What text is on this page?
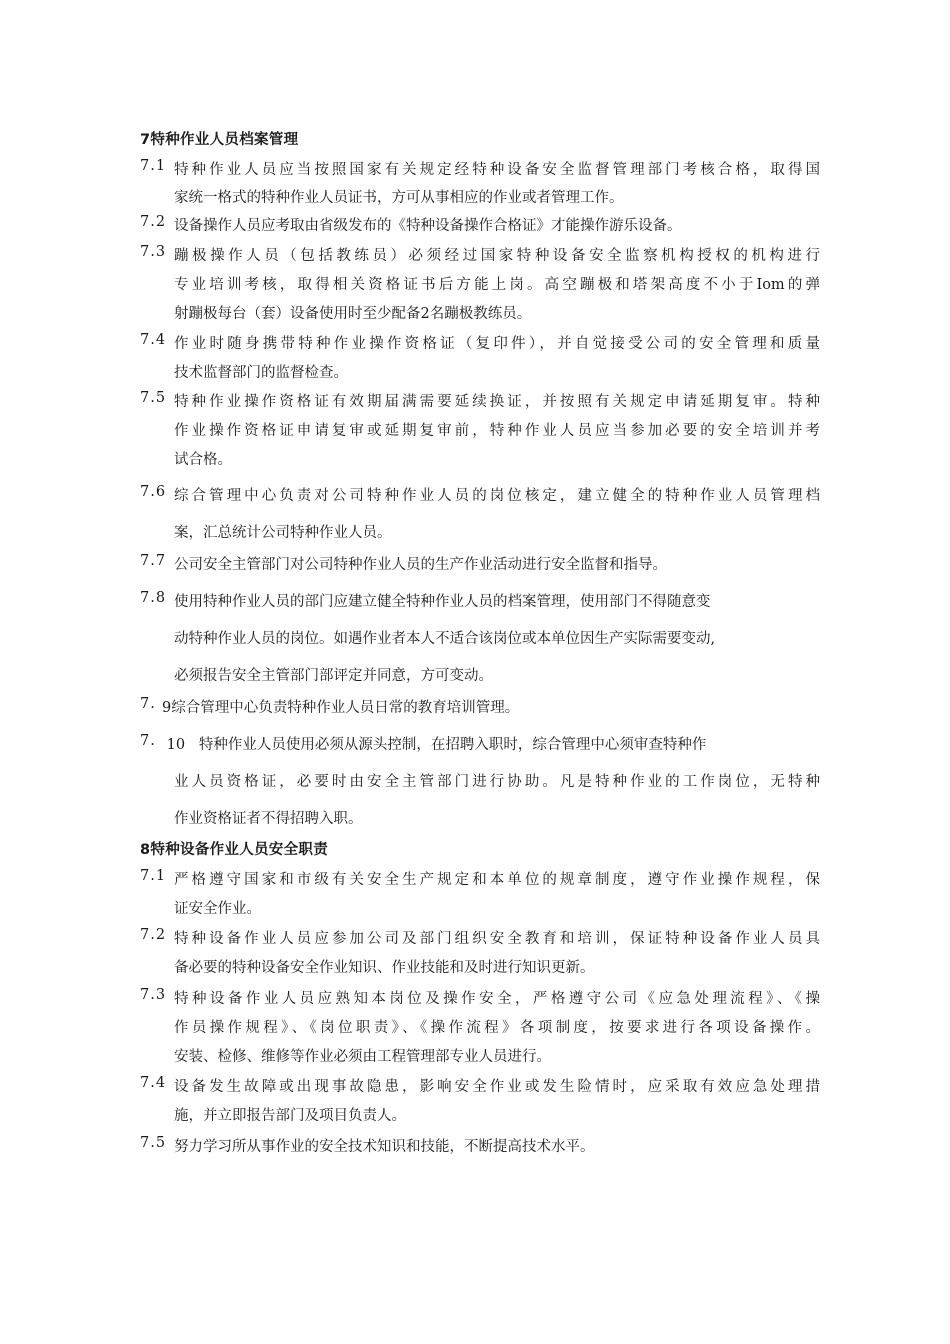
7特种作业人员档案管理
7.1 特种作业人员应当按照国家有关规定经特种设备安全监督管理部门考核合格，取得国
家统一格式的特种作业人员证书，方可从事相应的作业或者管理工作。
7.2 设备操作人员应考取由省级发布的《特种设备操作合格证》才能操作游乐设备。
7.3 蹦极操作人员（包括教练员）必须经过国家特种设备安全监察机构授权的机构进行
专业培训考核，取得相关资格证书后方能上岗。高空蹦极和塔架高度不小于Iom的弹
射蹦极每台（套）设备使用时至少配备2名蹦极教练员。
7.4 作业时随身携带特种作业操作资格证（复印件），并自觉接受公司的安全管理和质量
技术监督部门的监督检查。
7.5 特种作业操作资格证有效期届满需要延续换证，并按照有关规定申请延期复审。特种
作业操作资格证申请复审或延期复审前，特种作业人员应当参加必要的安全培训并考
试合格。
7.6 综合管理中心负责对公司特种作业人员的岗位核定，建立健全的特种作业人员管理档
案，汇总统计公司特种作业人员。
7.7 公司安全主管部门对公司特种作业人员的生产作业活动进行安全监督和指导。
7.8 使用特种作业人员的部门应建立健全特种作业人员的档案管理，使用部门不得随意变
动特种作业人员的岗位。如遇作业者本人不适合该岗位或本单位因生产实际需要变动,
必须报告安全主管部门部评定并同意，方可变动。
7. 9综合管理中心负责特种作业人员日常的教育培训管理。
7. 10   特种作业人员使用必须从源头控制，在招聘入职时，综合管理中心须审查特种作
业人员资格证，必要时由安全主管部门进行协助。凡是特种作业的工作岗位，无特种
作业资格证者不得招聘入职。
8特种设备作业人员安全职责
7.1 严格遵守国家和市级有关安全生产规定和本单位的规章制度，遵守作业操作规程，保
证安全作业。
7.2 特种设备作业人员应参加公司及部门组织安全教育和培训，保证特种设备作业人员具
备必要的特种设备安全作业知识、作业技能和及时进行知识更新。
7.3 特种设备作业人员应熟知本岗位及操作安全，严格遵守公司《应急处理流程》、《操
作员操作规程》、《岗位职责》、《操作流程》各项制度，按要求进行各项设备操作。
安装、检修、维修等作业必须由工程管理部专业人员进行。
7.4 设备发生故障或出现事故隐患，影响安全作业或发生险情时，应采取有效应急处理措
施，并立即报告部门及项目负责人。
7.5 努力学习所从事作业的安全技术知识和技能，不断提高技术水平。
